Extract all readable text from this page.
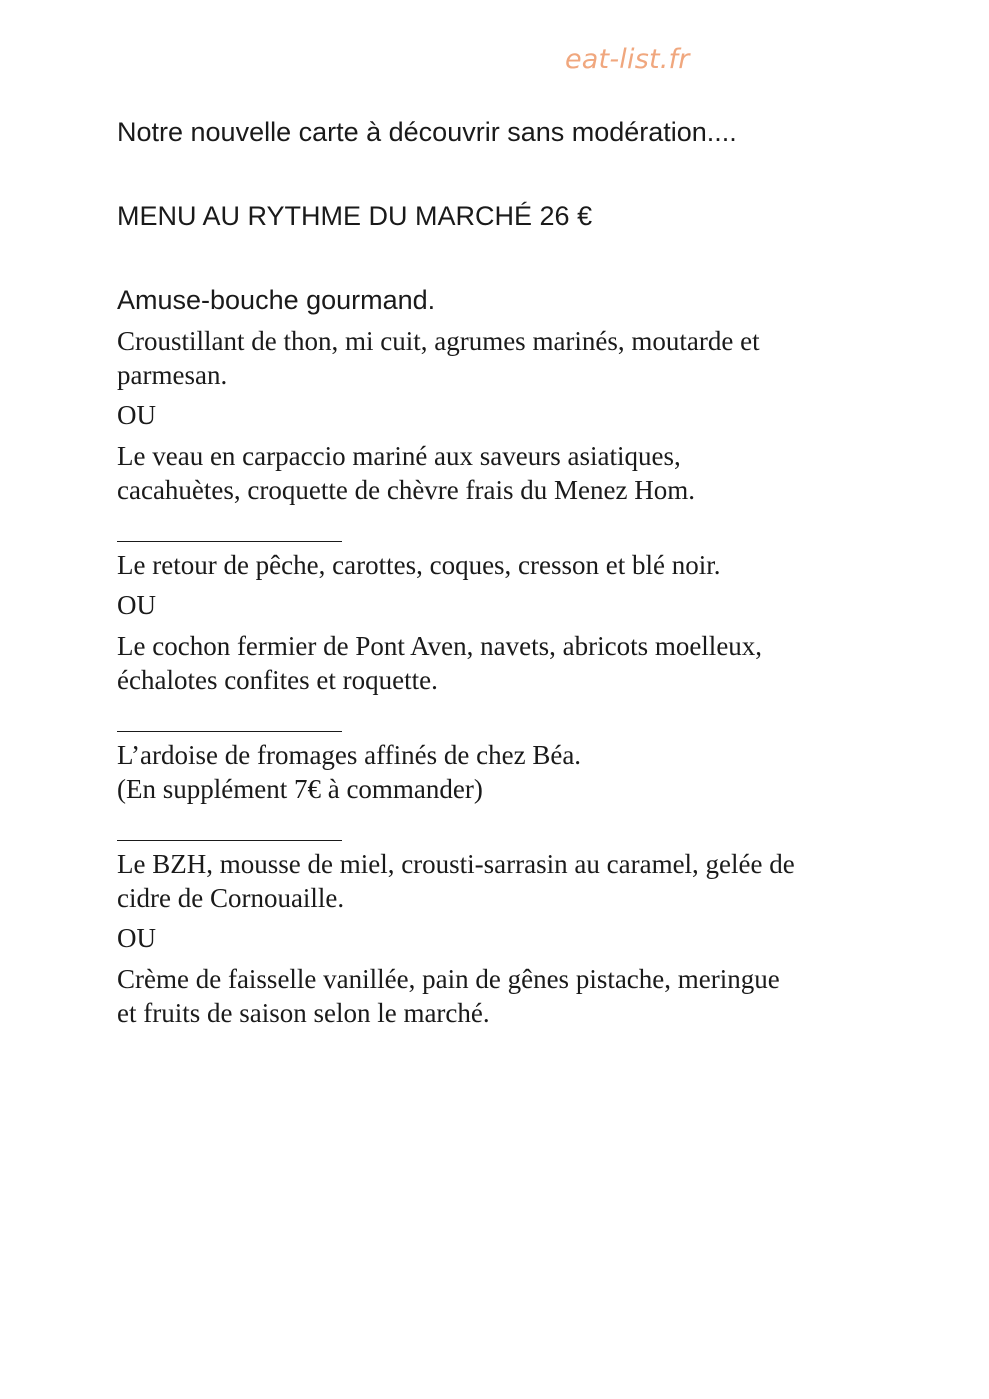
eat-list.fr
Notre nouvelle carte à découvrir sans modération....
MENU AU RYTHME DU MARCHÉ 26 €
Amuse-bouche gourmand.
Croustillant de thon, mi cuit, agrumes marinés, moutarde et
parmesan.
OU
Le veau en carpaccio mariné aux saveurs asiatiques,
cacahuètes, croquette de chèvre frais du Menez Hom.
Le retour de pêche, carottes, coques, cresson et blé noir.
OU
Le cochon fermier de Pont Aven, navets, abricots moelleux,
échalotes confites et roquette.
L’ardoise de fromages affinés de chez Béa.
(En supplément 7€ à commander)
Le BZH, mousse de miel, crousti-sarrasin au caramel, gelée de
cidre de Cornouaille.
OU
Crème de faisselle vanillée, pain de gênes pistache, meringue
et fruits de saison selon le marché.
